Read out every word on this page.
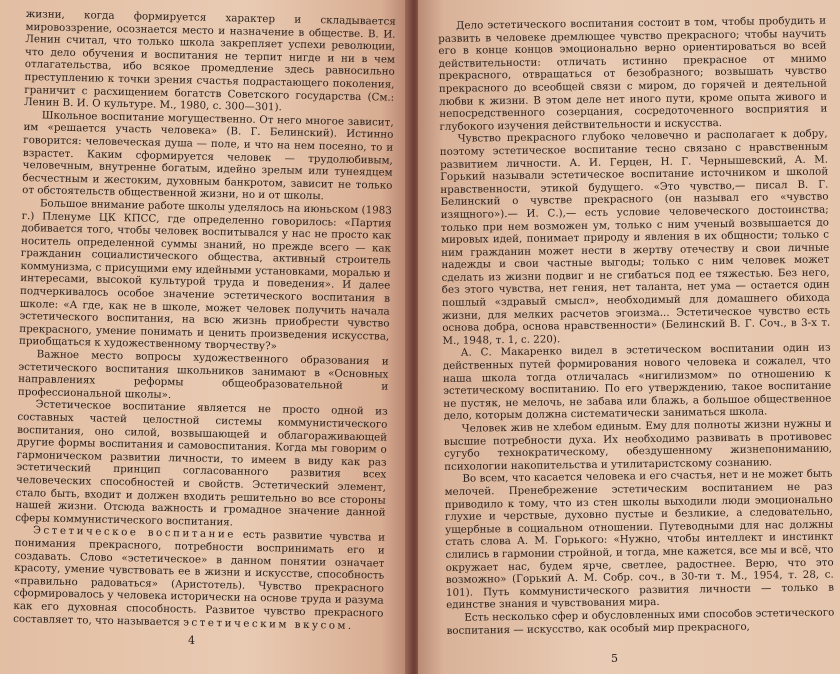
жизни, когда формируется характер и складывается мировоззрение, осознается место и назначение в обществе. В. И. Ленин считал, что только школа закрепляет успехи революции, что дело обучения и воспитания не терпит нигде и ни в чем отлагательства, ибо всякое промедление здесь равносильно преступлению к точки зрения счастья подрастающего поколения, граничит с расхищением богатств Советского государства (См.: Ленин В. И. О культуре. М., 1980, с. 300—301).

Школьное воспитание могущественно. От него многое зависит, им «решается участь человека» (В. Г. Белинский). Истинно говорится: человеческая душа — поле, и что на нем посеяно, то и взрастет. Каким сформируется человек — трудолюбивым, человечным, внутренне богатым, идейно зрелым или тунеядцем бесчестным и жестоким, духовным банкротом, зависит не только от обстоятельств общественной жизни, но и от школы.

Большое внимание работе школы уделялось на июньском (1983 г.) Пленуме ЦК КПСС, где определенно говорилось: «Партия добивается того, чтобы человек воспитывался у нас не просто как носитель определенной суммы знаний, но прежде всего — как гражданин социалистического общества, активный строитель коммунизма, с присущими ему идейными установками, моралью и интересами, высокой культурой труда и поведения». И далее подчеркивалось особое значение эстетического воспитания в школе: «А где, как не в школе, может человек получить начала эстетического воспитания, на всю жизнь приобрести чувство прекрасного, умение понимать и ценить произведения искусства, приобщаться к художественному творчеству?»

Важное место вопросы художественного образования и эстетического воспитания школьников занимают в «Основных направлениях реформы общеобразовательной и профессиональной школы».

Эстетическое воспитание является не просто одной из составных частей целостной системы коммунистического воспитания, оно силой, возвышающей и облагораживающей другие формы воспитания и самовоспитания. Когда мы говорим о гармоническом развитии личности, то имеем в виду как раз эстетический принцип согласованного развития всех человеческих способностей и свойств. Эстетический элемент, стало быть, входит и должен входить решительно во все стороны нашей жизни. Отсюда важность и громадное значение данной сферы коммунистического воспитания.

Эстетическое воспитание есть развитие чувства и понимания прекрасного, потребности воспринимать его и создавать. Слово «эстетическое» в данном понятии означает красоту, умение чувствовать ее в жизни и искусстве, способность «правильно радоваться» (Аристотель). Чувство прекрасного сформировалось у человека исторически на основе труда и разума как его духовная способность. Развитое чувство прекрасного составляет то, что называется эстетическим вкусом.

4

Дело эстетического воспитания состоит в том, чтобы пробудить и развить в человеке дремлющее чувство прекрасного; чтобы научить его в конце концов эмоционально верно ориентироваться во всей действительности: отличать истинно прекрасное от мнимо прекрасного, отвращаться от безобразного; возвышать чувство прекрасного до всеобщей связи с миром, до горячей и деятельной любви к жизни. В этом деле нет иного пути, кроме опыта живого и непосредственного созерцания, сосредоточенного восприятия и глубокого изучения действительности и искусства.

Чувство прекрасного глубоко человечно и располагает к добру, поэтому эстетическое воспитание тесно связано с нравственным развитием личности. А. И. Герцен, Н. Г. Чернышевский, А. М. Горький называли эстетическое воспитание источником и школой нравственности, этикой будущего. «Это чувство,— писал В. Г. Белинский о чувстве прекрасного (он называл его «чувство изящного»).— И. С.),— есть условие человеческого достоинства; только при нем возможен ум, только с ним ученый возвышается до мировых идей, понимает природу и явления в их общности; только с ним гражданин может нести в жертву отечеству и свои личные надежды и свои частные выгоды; только с ним человек может сделать из жизни подвиг и не сгибаться под ее тяжестью. Без него, без этого чувства, нет гения, нет таланта, нет ума — остается один пошлый «здравый смысл», необходимый для домашнего обихода жизни, для мелких расчетов эгоизма... Эстетическое чувство есть основа добра, основа нравственности» (Белинский В. Г. Соч., в 3-х т. М., 1948, т. 1, с. 220).

А. С. Макаренко видел в эстетическом воспитании один из действенных путей формирования нового человека и сожалел, что наша школа тогда отличалась «нигилизмом» по отношению к эстетическому воспитанию. По его утверждению, такое воспитание не пустяк, не мелочь, не забава или блажь, а большое общественное дело, которым должна систематически заниматься школа.

Человек жив не хлебом единым. Ему для полноты жизни нужны и высшие потребности духа. Их необходимо развивать в противовес сугубо технократическому, обездушенному жизнепониманию, психологии накопительства и утилитаристскому сознанию.

Во всем, что касается человека и его счастья, нет и не может быть мелочей. Пренебрежение эстетическим воспитанием не раз приводило к тому, что из стен школы выходили люди эмоционально глухие и черствые, духовно пустые и безликие, а следовательно, ущербные в социальном отношении. Путеводными для нас должны стать слова А. М. Горького: «Нужно, чтобы интеллект и инстинкт слились в гармонии стройной, и тогда, мне кажется, все мы и всё, что окружает нас, будем ярче, светлее, радостнее. Верю, что это возможно» (Горький А. М. Собр. соч., в 30-ти т. М., 1954, т. 28, с. 101). Путь коммунистического развития личности — только в единстве знания и чувствования мира.

Есть несколько сфер и обусловленных ими способов эстетического воспитания — искусство, как особый мир прекрасного,

5
